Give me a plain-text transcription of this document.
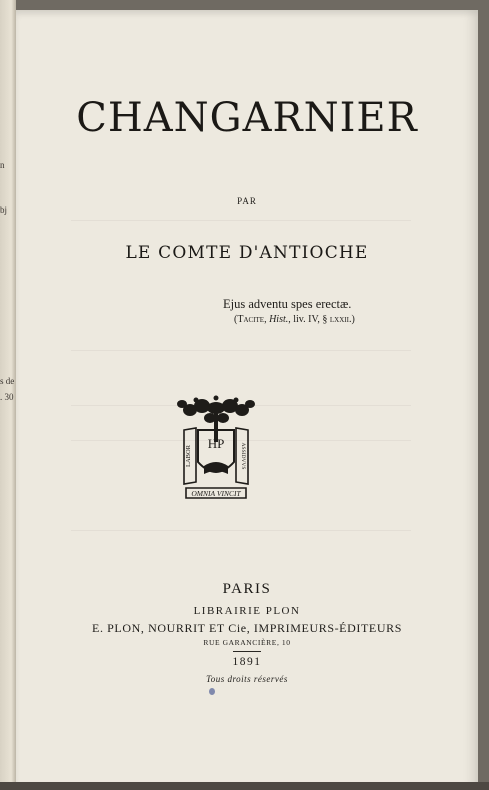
n
bj
s de
. 30
CHANGARNIER
PAR
LE COMTE D'ANTIOCHE
Ejus adventu spes erectæ.
(Tacite, Hist., liv. IV, § lxxii.)
HP
LABOR	ASSIDVVS
OMNIA VINCIT
PARIS
LIBRAIRIE PLON
E. PLON, NOURRIT ET Cie, IMPRIMEURS-ÉDITEURS
RUE GARANCIÈRE, 10
1891
Tous droits réservés
